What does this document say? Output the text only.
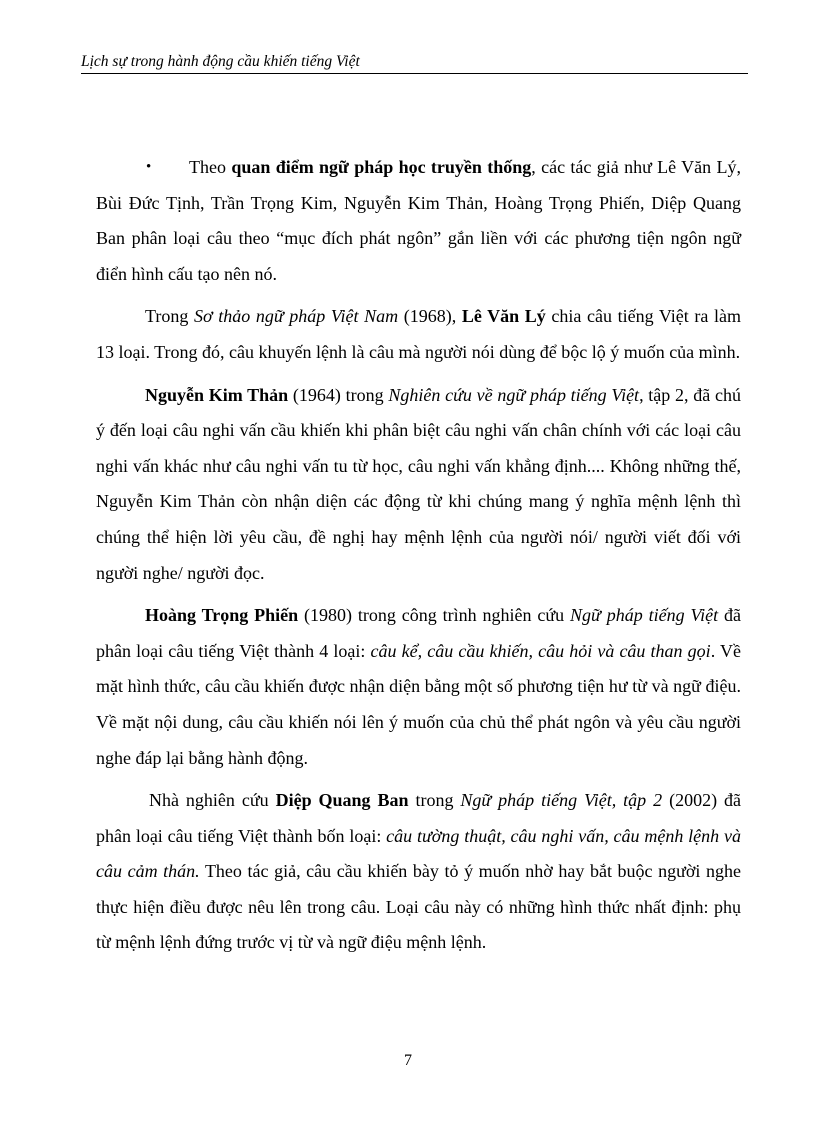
Lịch sự trong hành động cầu khiến tiếng Việt

• Theo quan điểm ngữ pháp học truyền thống, các tác giả như Lê Văn Lý, Bùi Đức Tịnh, Trần Trọng Kim, Nguyễn Kim Thản, Hoàng Trọng Phiến, Diệp Quang Ban phân loại câu theo “mục đích phát ngôn” gắn liền với các phương tiện ngôn ngữ điển hình cấu tạo nên nó.

Trong Sơ thảo ngữ pháp Việt Nam (1968), Lê Văn Lý chia câu tiếng Việt ra làm 13 loại. Trong đó, câu khuyến lệnh là câu mà người nói dùng để bộc lộ ý muốn của mình.

Nguyễn Kim Thản (1964) trong Nghiên cứu về ngữ pháp tiếng Việt, tập 2, đã chú ý đến loại câu nghi vấn cầu khiến khi phân biệt câu nghi vấn chân chính với các loại câu nghi vấn khác như câu nghi vấn tu từ học, câu nghi vấn khẳng định.... Không những thế, Nguyễn Kim Thản còn nhận diện các động từ khi chúng mang ý nghĩa mệnh lệnh thì chúng thể hiện lời yêu cầu, đề nghị hay mệnh lệnh của người nói/ người viết đối với người nghe/ người đọc.

Hoàng Trọng Phiến (1980) trong công trình nghiên cứu Ngữ pháp tiếng Việt đã phân loại câu tiếng Việt thành 4 loại: câu kể, câu cầu khiến, câu hỏi và câu than gọi. Về mặt hình thức, câu cầu khiến được nhận diện bằng một số phương tiện hư từ và ngữ điệu. Về mặt nội dung, câu cầu khiến nói lên ý muốn của chủ thể phát ngôn và yêu cầu người nghe đáp lại bằng hành động.

Nhà nghiên cứu Diệp Quang Ban trong Ngữ pháp tiếng Việt, tập 2 (2002) đã phân loại câu tiếng Việt thành bốn loại: câu tường thuật, câu nghi vấn, câu mệnh lệnh và câu cảm thán. Theo tác giả, câu cầu khiến bày tỏ ý muốn nhờ hay bắt buộc người nghe thực hiện điều được nêu lên trong câu. Loại câu này có những hình thức nhất định: phụ từ mệnh lệnh đứng trước vị từ và ngữ điệu mệnh lệnh.

7
